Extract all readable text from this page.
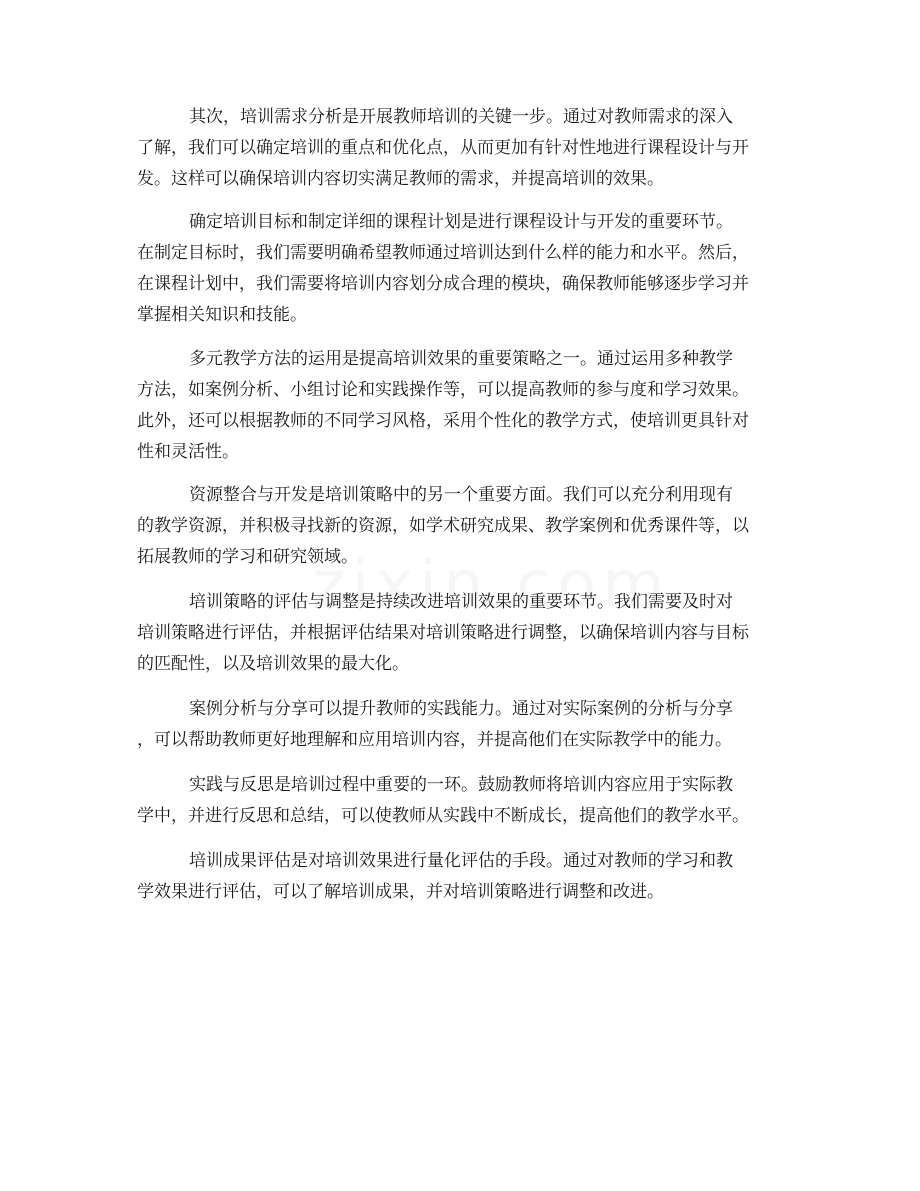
其次，培训需求分析是开展教师培训的关键一步。通过对教师需求的深入
了解，我们可以确定培训的重点和优化点，从而更加有针对性地进行课程设计与开
发。这样可以确保培训内容切实满足教师的需求，并提高培训的效果。

确定培训目标和制定详细的课程计划是进行课程设计与开发的重要环节。
在制定目标时，我们需要明确希望教师通过培训达到什么样的能力和水平。然后，
在课程计划中，我们需要将培训内容划分成合理的模块，确保教师能够逐步学习并
掌握相关知识和技能。

多元教学方法的运用是提高培训效果的重要策略之一。通过运用多种教学
方法，如案例分析、小组讨论和实践操作等，可以提高教师的参与度和学习效果。
此外，还可以根据教师的不同学习风格，采用个性化的教学方式，使培训更具针对
性和灵活性。

资源整合与开发是培训策略中的另一个重要方面。我们可以充分利用现有
的教学资源，并积极寻找新的资源，如学术研究成果、教学案例和优秀课件等，以
拓展教师的学习和研究领域。

培训策略的评估与调整是持续改进培训效果的重要环节。我们需要及时对
培训策略进行评估，并根据评估结果对培训策略进行调整，以确保培训内容与目标
的匹配性，以及培训效果的最大化。

案例分析与分享可以提升教师的实践能力。通过对实际案例的分析与分享
，可以帮助教师更好地理解和应用培训内容，并提高他们在实际教学中的能力。

实践与反思是培训过程中重要的一环。鼓励教师将培训内容应用于实际教
学中，并进行反思和总结，可以使教师从实践中不断成长，提高他们的教学水平。

培训成果评估是对培训效果进行量化评估的手段。通过对教师的学习和教
学效果进行评估，可以了解培训成果，并对培训策略进行调整和改进。
